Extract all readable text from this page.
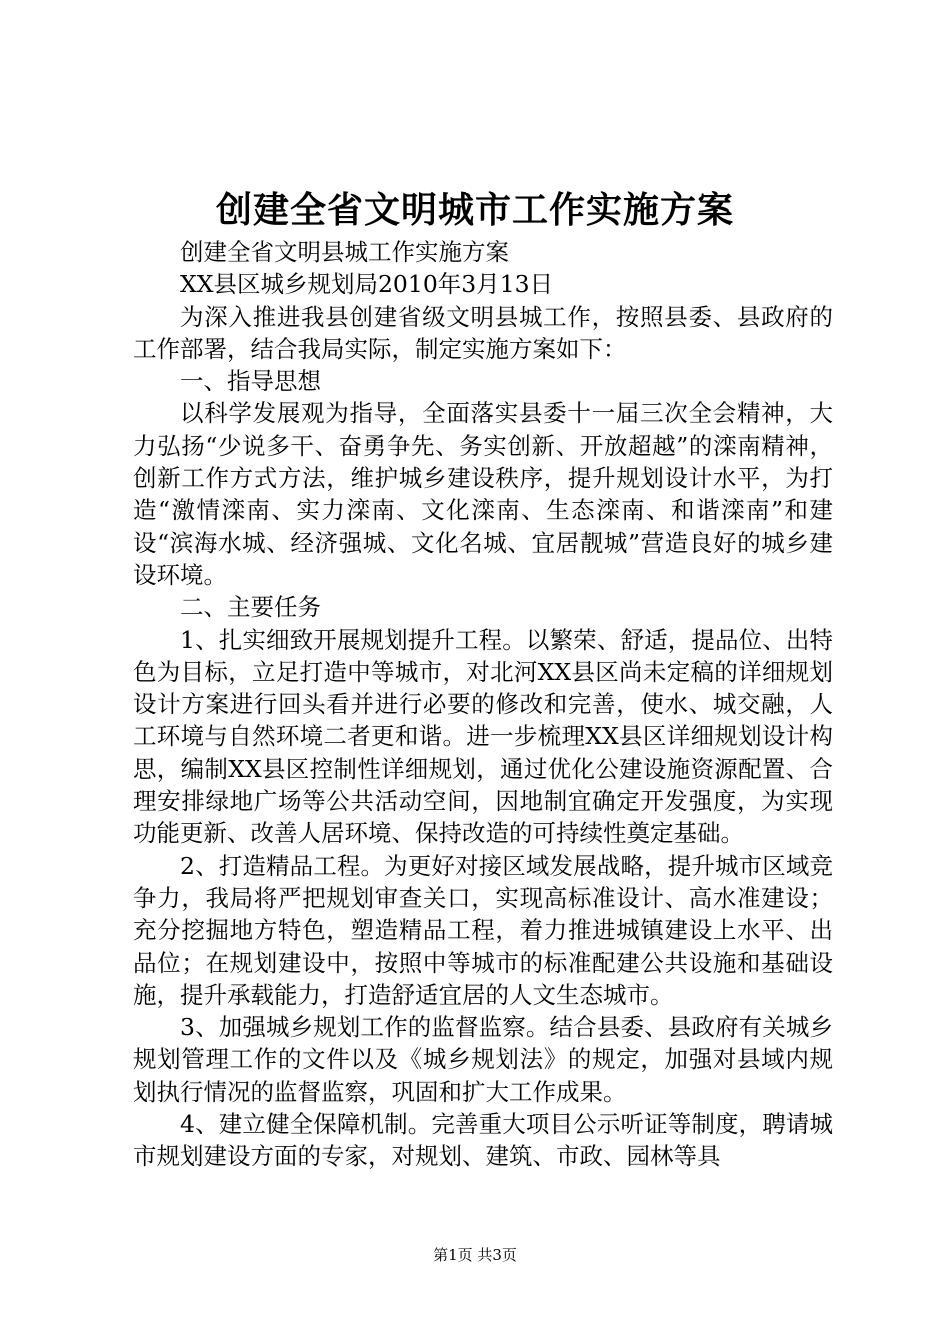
创建全省文明城市工作实施方案

创建全省文明县城工作实施方案

XX县区城乡规划局2010年3月13日

为深入推进我县创建省级文明县城工作，按照县委、县政府的工作部署，结合我局实际，制定实施方案如下：

一、指导思想

以科学发展观为指导，全面落实县委十一届三次全会精神，大力弘扬“少说多干、奋勇争先、务实创新、开放超越”的滦南精神，创新工作方式方法，维护城乡建设秩序，提升规划设计水平，为打造“激情滦南、实力滦南、文化滦南、生态滦南、和谐滦南”和建设“滨海水城、经济强城、文化名城、宜居靓城”营造良好的城乡建设环境。

二、主要任务

1、扎实细致开展规划提升工程。以繁荣、舒适，提品位、出特色为目标，立足打造中等城市，对北河XX县区尚未定稿的详细规划设计方案进行回头看并进行必要的修改和完善，使水、城交融，人工环境与自然环境二者更和谐。进一步梳理XX县区详细规划设计构思，编制XX县区控制性详细规划，通过优化公建设施资源配置、合理安排绿地广场等公共活动空间，因地制宜确定开发强度，为实现功能更新、改善人居环境、保持改造的可持续性奠定基础。

2、打造精品工程。为更好对接区域发展战略，提升城市区域竞争力，我局将严把规划审查关口，实现高标准设计、高水准建设；充分挖掘地方特色，塑造精品工程，着力推进城镇建设上水平、出品位；在规划建设中，按照中等城市的标准配建公共设施和基础设施，提升承载能力，打造舒适宜居的人文生态城市。

3、加强城乡规划工作的监督监察。结合县委、县政府有关城乡规划管理工作的文件以及《城乡规划法》的规定，加强对县域内规划执行情况的监督监察，巩固和扩大工作成果。

4、建立健全保障机制。完善重大项目公示听证等制度，聘请城市规划建设方面的专家，对规划、建筑、市政、园林等具

第1页 共3页
